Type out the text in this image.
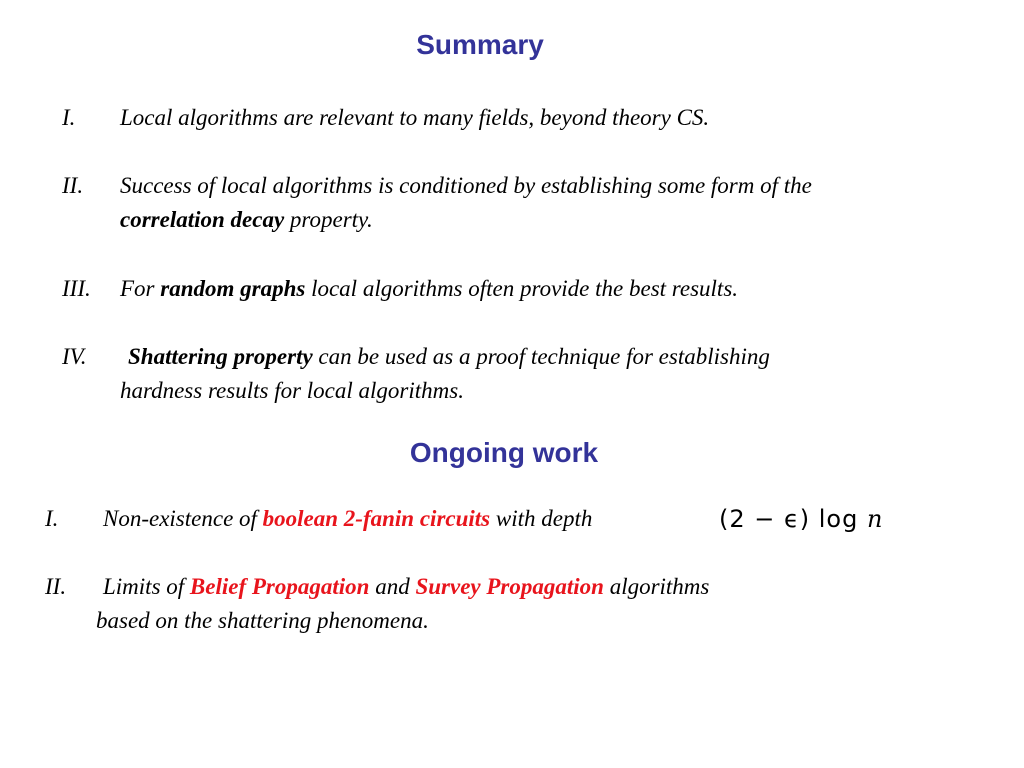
Summary
I. Local algorithms are relevant to many fields, beyond theory CS.
II. Success of local algorithms is conditioned by establishing some form of the
correlation decay property.
III. For random graphs local algorithms often provide the best results.
IV. Shattering property can be used as a proof technique for establishing
hardness results for local algorithms.
Ongoing work
I. Non-existence of boolean 2-fanin circuits with depth	(2 − ϵ) log n
II. Limits of Belief Propagation and Survey Propagation algorithms
based on the shattering phenomena.
